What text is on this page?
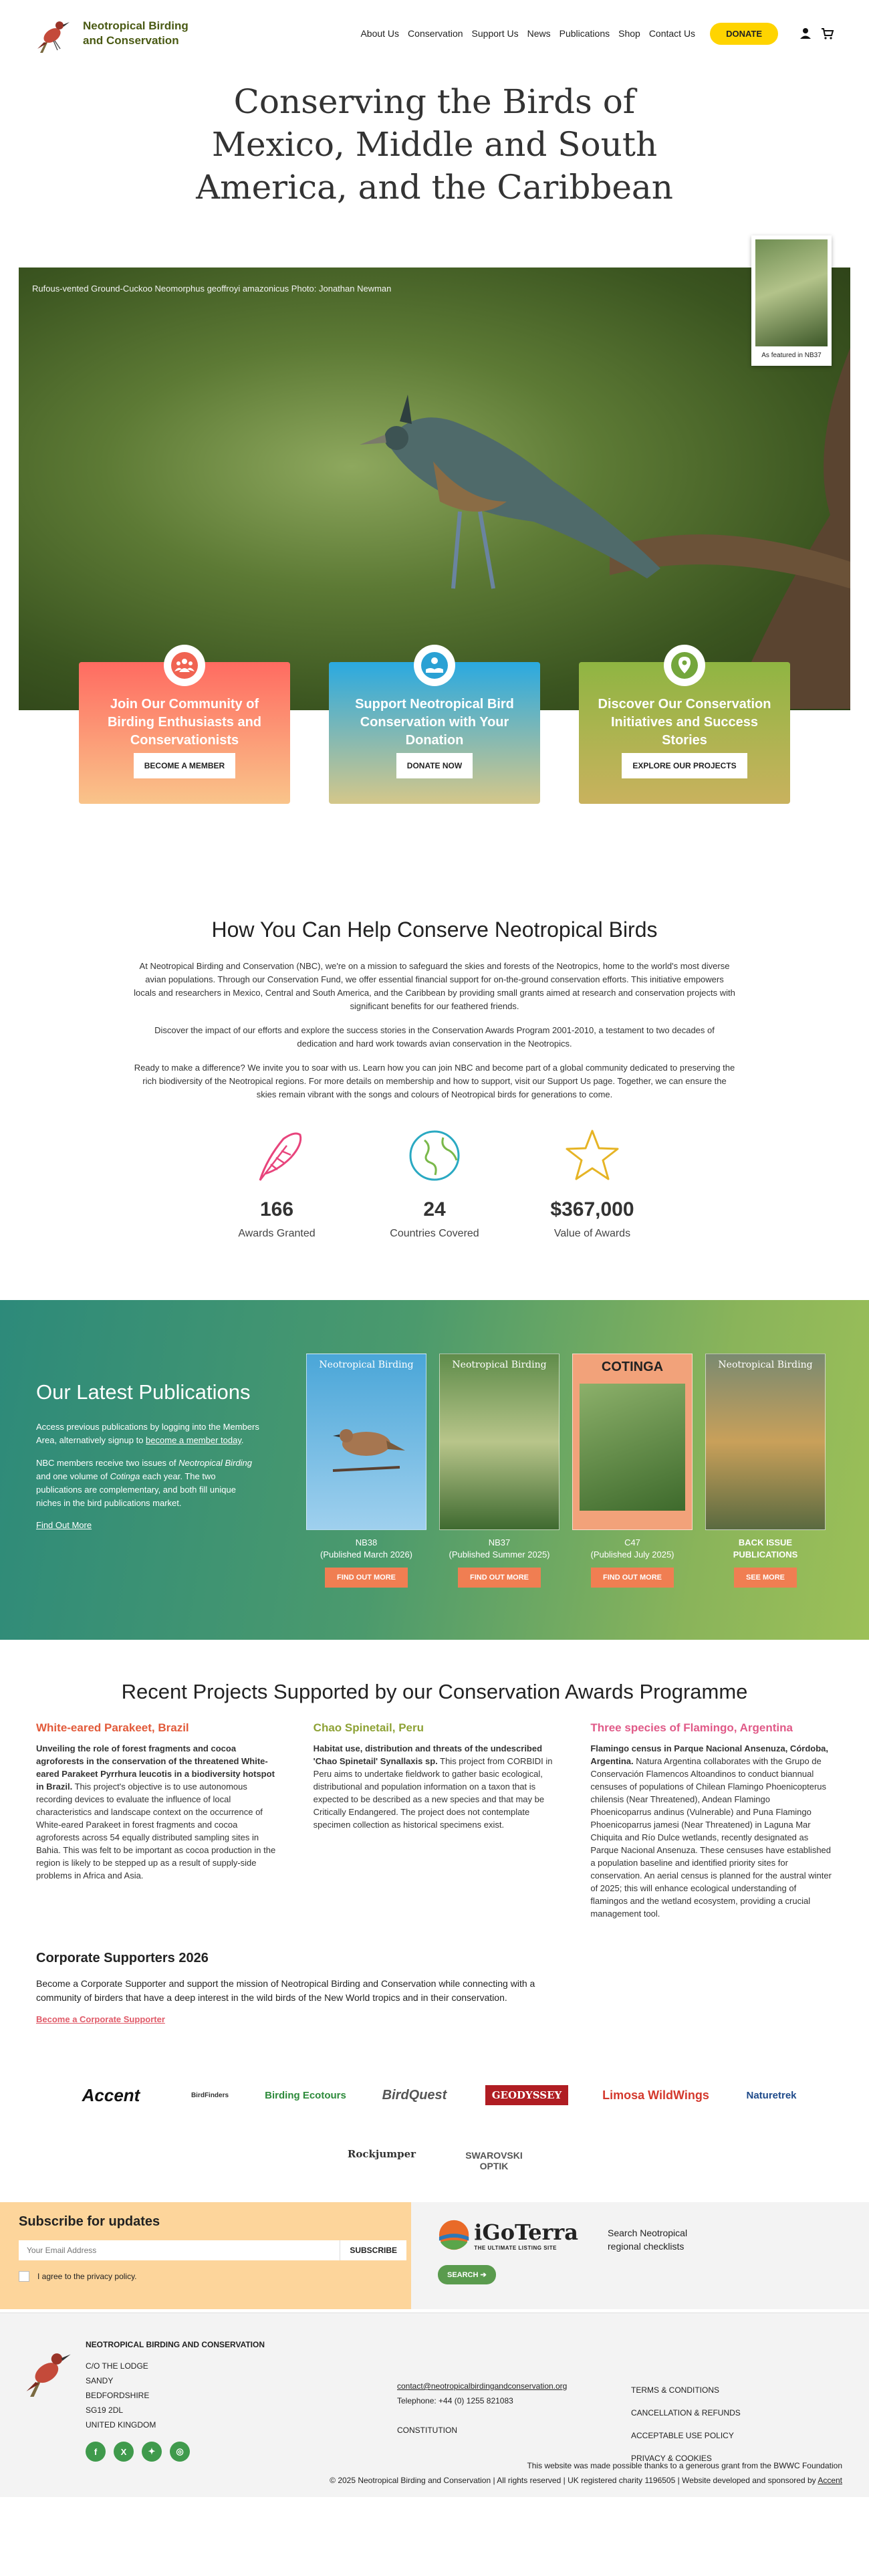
Neotropical Birding and Conservation
About Us Conservation Support Us News Publications Shop Contact Us	DONATE
Conserving the Birds of Mexico, Middle and South America, and the Caribbean
Rufous-vented Ground-Cuckoo Neomorphus geoffroyi amazonicus Photo: Jonathan Newman
As featured in NB37
Join Our Community of Birding Enthusiasts and Conservationists
BECOME A MEMBER
Support Neotropical Bird Conservation with Your Donation
DONATE NOW
Discover Our Conservation Initiatives and Success Stories
EXPLORE OUR PROJECTS
How You Can Help Conserve Neotropical Birds

At Neotropical Birding and Conservation (NBC), we're on a mission to safeguard the skies and forests of the Neotropics, home to the world's most diverse avian populations. Through our Conservation Fund, we offer essential financial support for on-the-ground conservation efforts. This initiative empowers locals and researchers in Mexico, Central and South America, and the Caribbean by providing small grants aimed at research and conservation projects with significant benefits for our feathered friends.

Discover the impact of our efforts and explore the success stories in the Conservation Awards Program 2001-2010, a testament to two decades of dedication and hard work towards avian conservation in the Neotropics.

Ready to make a difference? We invite you to soar with us. Learn how you can join NBC and become part of a global community dedicated to preserving the rich biodiversity of the Neotropical regions. For more details on membership and how to support, visit our Support Us page. Together, we can ensure the skies remain vibrant with the songs and colours of Neotropical birds for generations to come.

166
Awards Granted
24
Countries Covered
$367,000
Value of Awards
Our Latest Publications

Access previous publications by logging into the Members Area, alternatively signup to become a member today.

NBC members receive two issues of Neotropical Birding and one volume of Cotinga each year. The two publications are complementary, and both fill unique niches in the bird publications market.

Find Out More
Neotropical Birding
NB38
(Published March 2026)
FIND OUT MORE
Neotropical Birding
NB37
(Published Summer 2025)
FIND OUT MORE
COTINGA
C47
(Published July 2025)
FIND OUT MORE
Neotropical Birding
BACK ISSUE PUBLICATIONS
SEE MORE
Recent Projects Supported by our Conservation Awards Programme
White-eared Parakeet, Brazil

Unveiling the role of forest fragments and cocoa agroforests in the conservation of the threatened White-eared Parakeet Pyrrhura leucotis in a biodiversity hotspot in Brazil. This project's objective is to use autonomous recording devices to evaluate the influence of local characteristics and landscape context on the occurrence of White-eared Parakeet in forest fragments and cocoa agroforests across 54 equally distributed sampling sites in Bahia. This was felt to be important as cocoa production in the region is likely to be stepped up as a result of supply-side problems in Africa and Asia.

Chao Spinetail, Peru

Habitat use, distribution and threats of the undescribed 'Chao Spinetail' Synallaxis sp. This project from CORBIDI in Peru aims to undertake fieldwork to gather basic ecological, distributional and population information on a taxon that is expected to be described as a new species and that may be Critically Endangered. The project does not contemplate specimen collection as historical specimens exist.

Three species of Flamingo, Argentina

Flamingo census in Parque Nacional Ansenuza, Córdoba, Argentina. Natura Argentina collaborates with the Grupo de Conservación Flamencos Altoandinos to conduct biannual censuses of populations of Chilean Flamingo Phoenicopterus chilensis (Near Threatened), Andean Flamingo Phoenicoparrus andinus (Vulnerable) and Puna Flamingo Phoenicoparrus jamesi (Near Threatened) in Laguna Mar Chiquita and Río Dulce wetlands, recently designated as Parque Nacional Ansenuza. These censuses have established a population baseline and identified priority sites for conservation. An aerial census is planned for the austral winter of 2025; this will enhance ecological understanding of flamingos and the wetland ecosystem, providing a crucial management tool.

Corporate Supporters 2026

Become a Corporate Supporter and support the mission of Neotropical Birding and Conservation while connecting with a community of birders that have a deep interest in the wild birds of the New World tropics and in their conservation.

Become a Corporate Supporter
Accent	BirdFinders	Birding Ecotours	BirdQuest	GEODYSSEY	Limosa WildWings	Naturetrek
Rockjumper	SWAROVSKI OPTIK
Subscribe for updates
Your Email Address
SUBSCRIBE
I agree to the privacy policy.
iGoTerra
THE ULTIMATE LISTING SITE
SEARCH ➔
Search Neotropical regional checklists
NEOTROPICAL BIRDING AND CONSERVATION
C/O THE LODGE
SANDY
BEDFORDSHIRE
SG19 2DL
UNITED KINGDOM
f	X	✦	◎
contact@neotropicalbirdingandconservation.org
Telephone: +44 (0) 1255 821083
CONSTITUTION
TERMS & CONDITIONS
CANCELLATION & REFUNDS
ACCEPTABLE USE POLICY
PRIVACY & COOKIES
This website was made possible thanks to a generous grant from the BWWC Foundation
© 2025 Neotropical Birding and Conservation | All rights reserved | UK registered charity 1196505 | Website developed and sponsored by Accent
